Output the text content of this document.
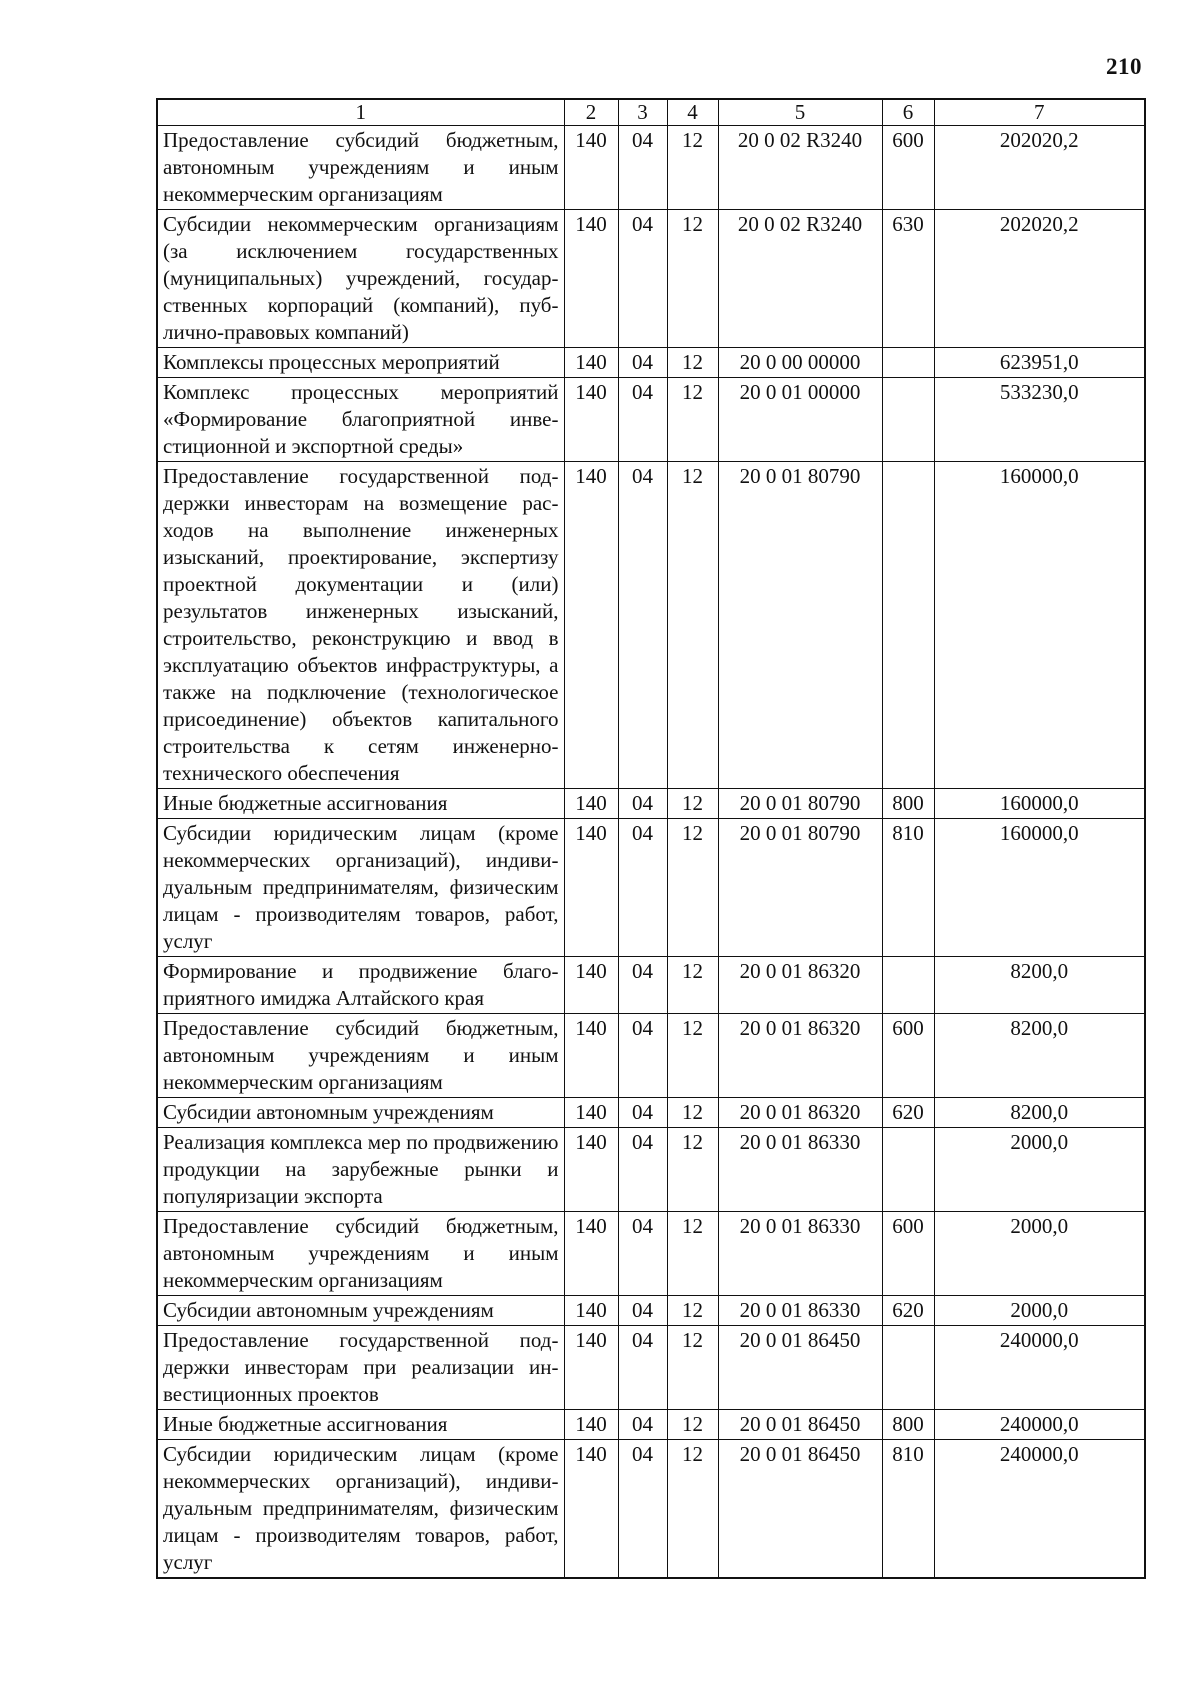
210
1	2	3	4	5	6	7
Предоставление субсидий бюджетным, автономным учреждениям и иным некоммерческим организациям	140	04	12	20 0 02 R3240	600	202020,2
Субсидии некоммерческим организациям (за исключением государственных (муниципальных) учреждений, государственных корпораций (компаний), публично-правовых компаний)	140	04	12	20 0 02 R3240	630	202020,2
Комплексы процессных мероприятий	140	04	12	20 0 00 00000		623951,0
Комплекс процессных мероприятий «Формирование благоприятной инвестиционной и экспортной среды»	140	04	12	20 0 01 00000		533230,0
Предоставление государственной поддержки инвесторам на возмещение расходов на выполнение инженерных изысканий, проектирование, экспертизу проектной документации и (или) результатов инженерных изысканий, строительство, реконструкцию и ввод в эксплуатацию объектов инфраструктуры, а также на подключение (технологическое присоединение) объектов капитального строительства к сетям инженерно-технического обеспечения	140	04	12	20 0 01 80790		160000,0
Иные бюджетные ассигнования	140	04	12	20 0 01 80790	800	160000,0
Субсидии юридическим лицам (кроме некоммерческих организаций), индивидуальным предпринимателям, физическим лицам - производителям товаров, работ, услуг	140	04	12	20 0 01 80790	810	160000,0
Формирование и продвижение благоприятного имиджа Алтайского края	140	04	12	20 0 01 86320		8200,0
Предоставление субсидий бюджетным, автономным учреждениям и иным некоммерческим организациям	140	04	12	20 0 01 86320	600	8200,0
Субсидии автономным учреждениям	140	04	12	20 0 01 86320	620	8200,0
Реализация комплекса мер по продвижению продукции на зарубежные рынки и популяризации экспорта	140	04	12	20 0 01 86330		2000,0
Предоставление субсидий бюджетным, автономным учреждениям и иным некоммерческим организациям	140	04	12	20 0 01 86330	600	2000,0
Субсидии автономным учреждениям	140	04	12	20 0 01 86330	620	2000,0
Предоставление государственной поддержки инвесторам при реализации инвестиционных проектов	140	04	12	20 0 01 86450		240000,0
Иные бюджетные ассигнования	140	04	12	20 0 01 86450	800	240000,0
Субсидии юридическим лицам (кроме некоммерческих организаций), индивидуальным предпринимателям, физическим лицам - производителям товаров, работ, услуг	140	04	12	20 0 01 86450	810	240000,0
